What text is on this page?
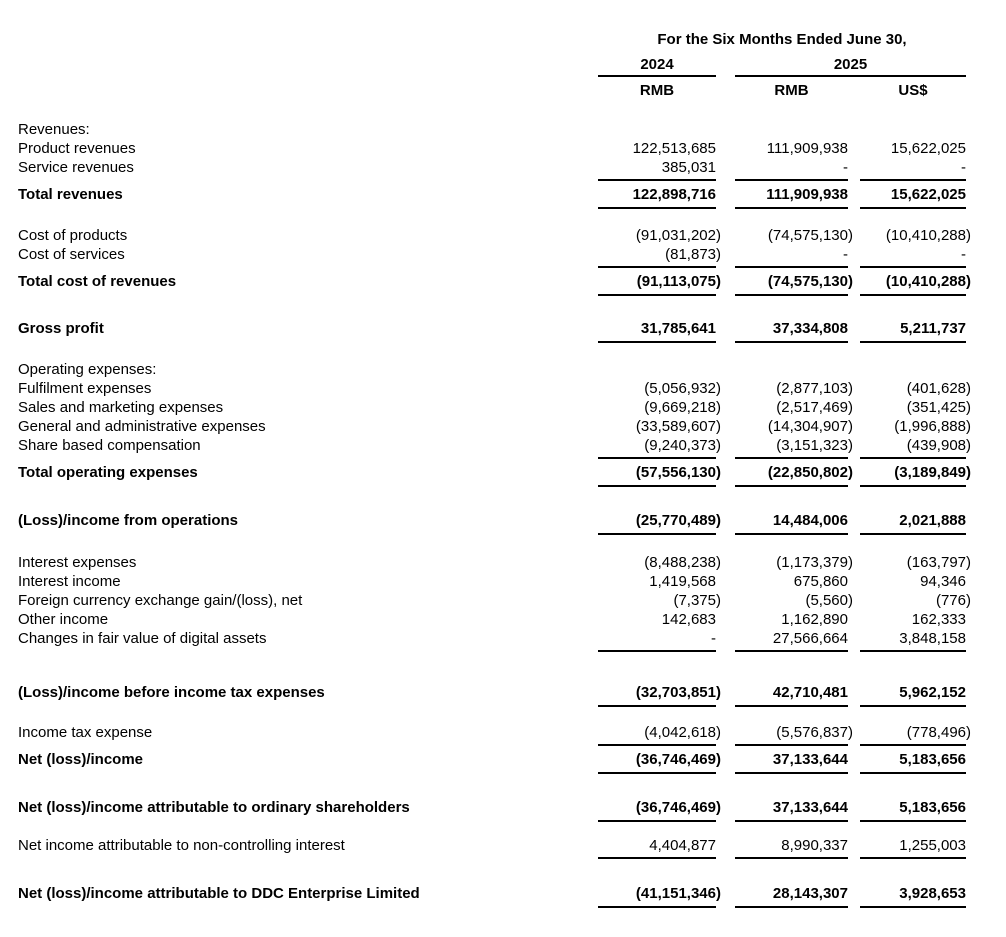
For the Six Months Ended June 30,
2024	2025
RMB	RMB	US$
Revenues:
Product revenues	122,513,685	111,909,938	15,622,025
Service revenues	385,031	-	-
Total revenues	122,898,716	111,909,938	15,622,025
Cost of products	(91,031,202)	(74,575,130)	(10,410,288)
Cost of services	(81,873)	-	-
Total cost of revenues	(91,113,075)	(74,575,130)	(10,410,288)
Gross profit	31,785,641	37,334,808	5,211,737
Operating expenses:
Fulfilment expenses	(5,056,932)	(2,877,103)	(401,628)
Sales and marketing expenses	(9,669,218)	(2,517,469)	(351,425)
General and administrative expenses	(33,589,607)	(14,304,907)	(1,996,888)
Share based compensation	(9,240,373)	(3,151,323)	(439,908)
Total operating expenses	(57,556,130)	(22,850,802)	(3,189,849)
(Loss)/income from operations	(25,770,489)	14,484,006	2,021,888
Interest expenses	(8,488,238)	(1,173,379)	(163,797)
Interest income	1,419,568	675,860	94,346
Foreign currency exchange gain/(loss), net	(7,375)	(5,560)	(776)
Other income	142,683	1,162,890	162,333
Changes in fair value of digital assets	-	27,566,664	3,848,158
(Loss)/income before income tax expenses	(32,703,851)	42,710,481	5,962,152
Income tax expense	(4,042,618)	(5,576,837)	(778,496)
Net (loss)/income	(36,746,469)	37,133,644	5,183,656
Net (loss)/income attributable to ordinary shareholders	(36,746,469)	37,133,644	5,183,656
Net income attributable to non-controlling interest	4,404,877	8,990,337	1,255,003
Net (loss)/income attributable to DDC Enterprise Limited	(41,151,346)	28,143,307	3,928,653
